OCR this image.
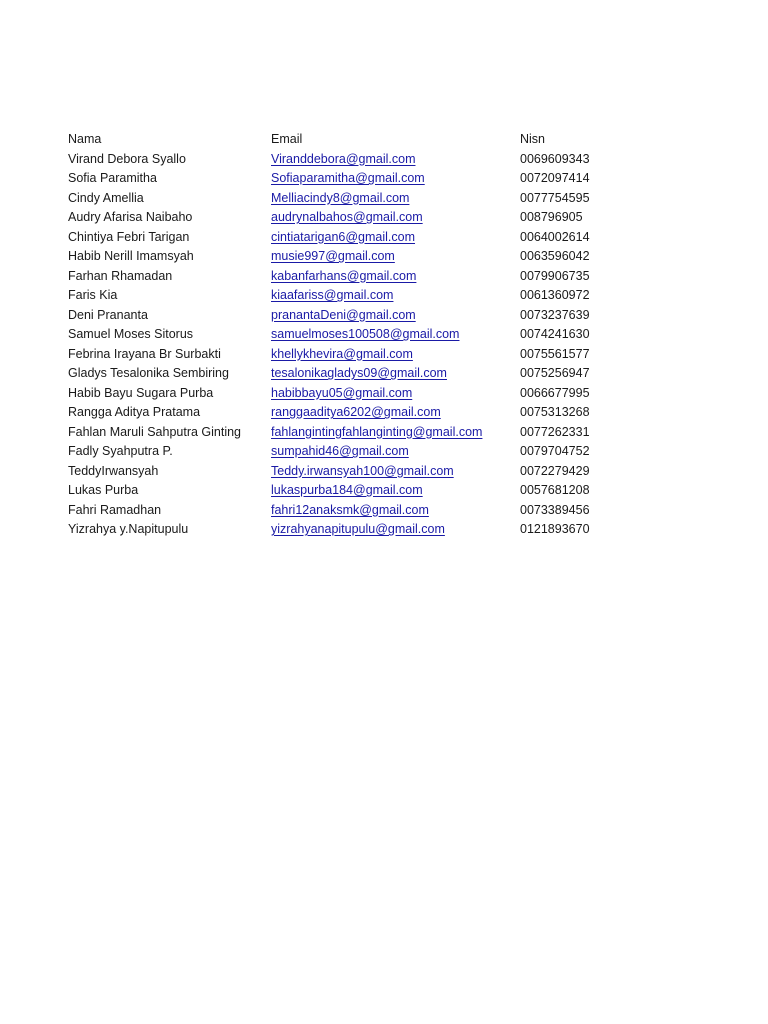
Nama	Email	Nisn
Virand Debora Syallo	Viranddebora@gmail.com	0069609343
Sofia Paramitha	Sofiaparamitha@gmail.com	0072097414
Cindy Amellia	Melliacindy8@gmail.com	0077754595
Audry Afarisa Naibaho	audrynalbahos@gmail.com	008796905
Chintiya Febri Tarigan	cintiatarigan6@gmail.com	0064002614
Habib Nerill Imamsyah	musie997@gmail.com	0063596042
Farhan Rhamadan	kabanfarhans@gmail.com	0079906735
Faris Kia	kiaafariss@gmail.com	0061360972
Deni Prananta	pranantaDeni@gmail.com	0073237639
Samuel Moses Sitorus	samuelmoses100508@gmail.com	0074241630
Febrina Irayana Br Surbakti	khellykhevira@gmail.com	0075561577
Gladys Tesalonika Sembiring	tesalonikagladys09@gmail.com	0075256947
Habib Bayu Sugara Purba	habibbayu05@gmail.com	0066677995
Rangga Aditya Pratama	ranggaaditya6202@gmail.com	0075313268
Fahlan Maruli Sahputra Ginting fahlangintingfahlanginting@gmail.com	0077262331
Fadly Syahputra P.	sumpahid46@gmail.com	0079704752
TeddyIrwansyah	Teddy.irwansyah100@gmail.com	0072279429
Lukas Purba	lukaspurba184@gmail.com	0057681208
Fahri Ramadhan	fahri12anaksmk@gmail.com	0073389456
Yizrahya y.Napitupulu	yizrahyanapitupulu@gmail.com	0121893670
